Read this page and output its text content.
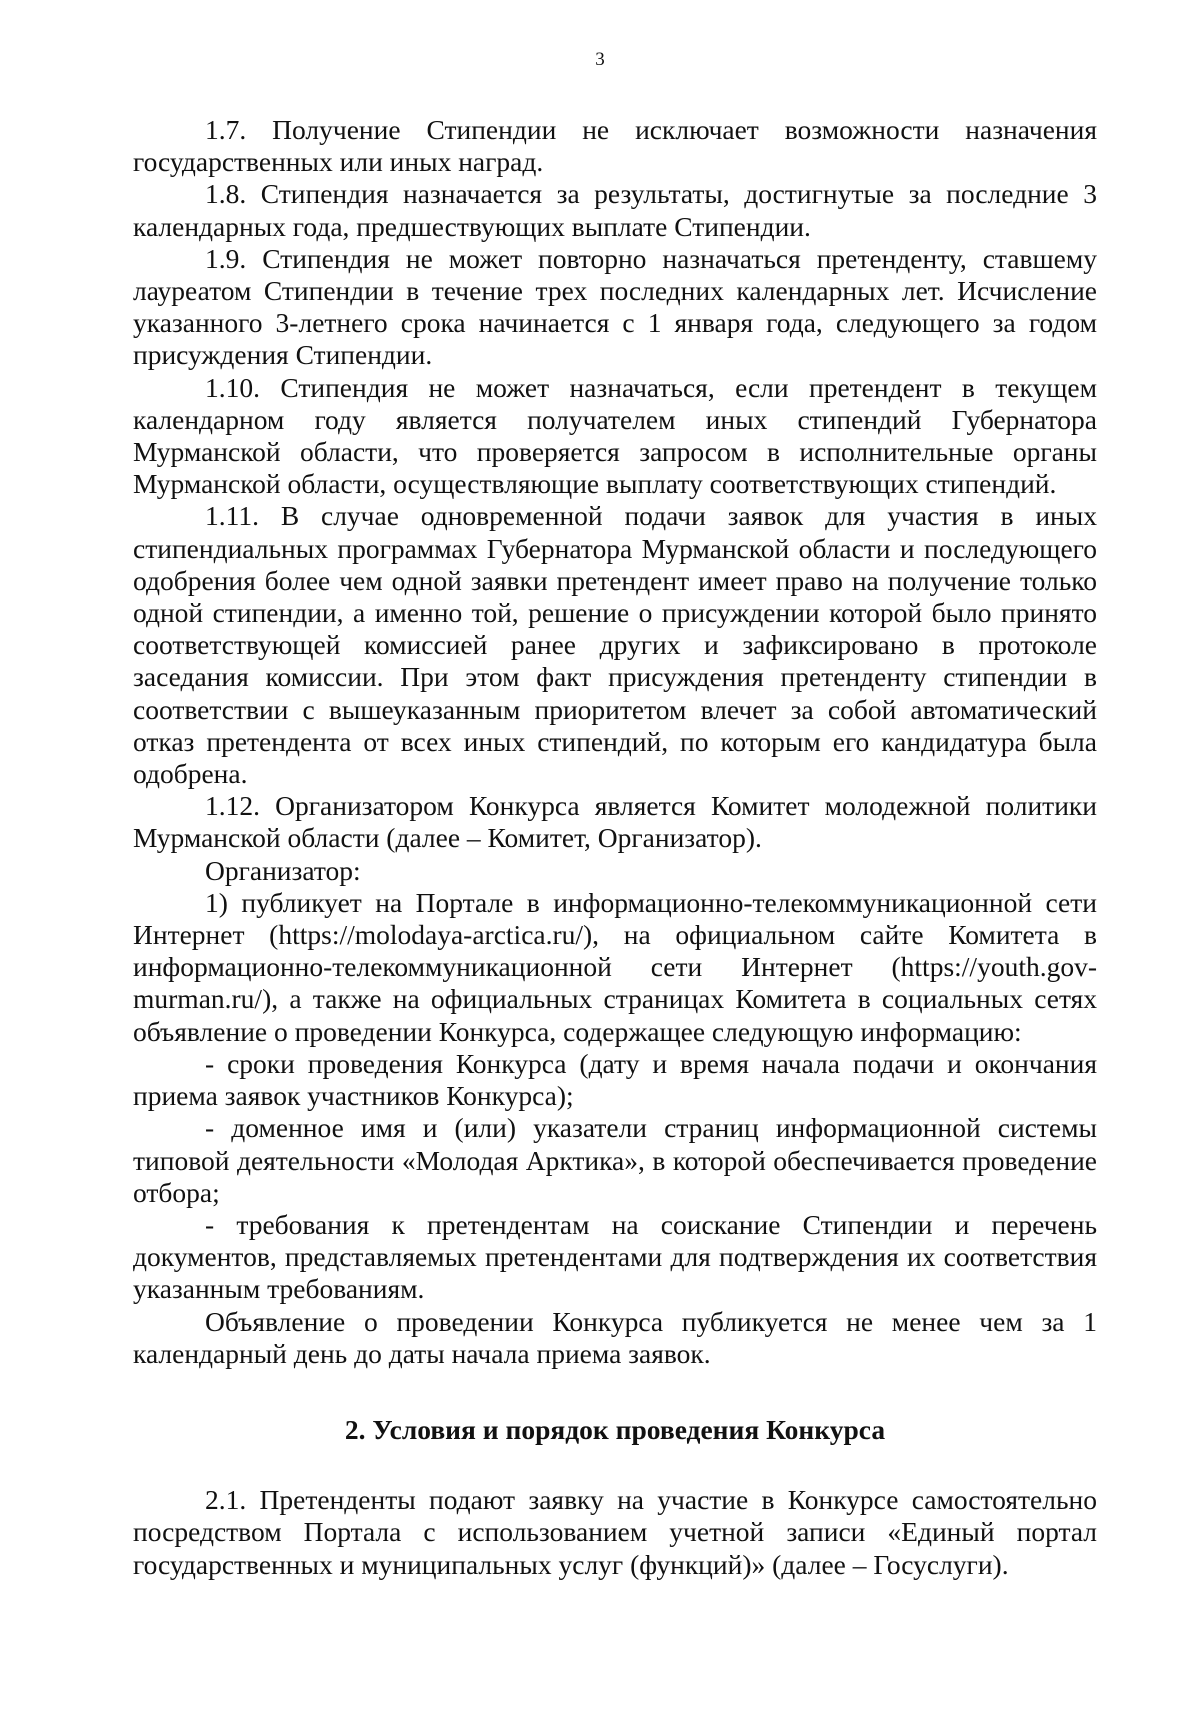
3

1.7. Получение Стипендии не исключает возможности назначения государственных или иных наград.

1.8. Стипендия назначается за результаты, достигнутые за последние 3 календарных года, предшествующих выплате Стипендии.

1.9. Стипендия не может повторно назначаться претенденту, ставшему лауреатом Стипендии в течение трех последних календарных лет. Исчисление указанного 3-летнего срока начинается с 1 января года, следующего за годом присуждения Стипендии.

1.10. Стипендия не может назначаться, если претендент в текущем календарном году является получателем иных стипендий Губернатора Мурманской области, что проверяется запросом в исполнительные органы Мурманской области, осуществляющие выплату соответствующих стипендий.

1.11. В случае одновременной подачи заявок для участия в иных стипендиальных программах Губернатора Мурманской области и последующего одобрения более чем одной заявки претендент имеет право на получение только одной стипендии, а именно той, решение о присуждении которой было принято соответствующей комиссией ранее других и зафиксировано в протоколе заседания комиссии. При этом факт присуждения претенденту стипендии в соответствии с вышеуказанным приоритетом влечет за собой автоматический отказ претендента от всех иных стипендий, по которым его кандидатура была одобрена.

1.12. Организатором Конкурса является Комитет молодежной политики Мурманской области (далее – Комитет, Организатор).

Организатор:

1) публикует на Портале в информационно-телекоммуникационной сети Интернет (https://molodaya-arctica.ru/), на официальном сайте Комитета в информационно-телекоммуникационной сети Интернет (https://youth.gov-murman.ru/), а также на официальных страницах Комитета в социальных сетях объявление о проведении Конкурса, содержащее следующую информацию:

- сроки проведения Конкурса (дату и время начала подачи и окончания приема заявок участников Конкурса);

- доменное имя и (или) указатели страниц информационной системы типовой деятельности «Молодая Арктика», в которой обеспечивается проведение отбора;

- требования к претендентам на соискание Стипендии и перечень документов, представляемых претендентами для подтверждения их соответствия указанным требованиям.

Объявление о проведении Конкурса публикуется не менее чем за 1 календарный день до даты начала приема заявок.

2. Условия и порядок проведения Конкурса

2.1. Претенденты подают заявку на участие в Конкурсе самостоятельно посредством Портала с использованием учетной записи «Единый портал государственных и муниципальных услуг (функций)» (далее – Госуслуги).
